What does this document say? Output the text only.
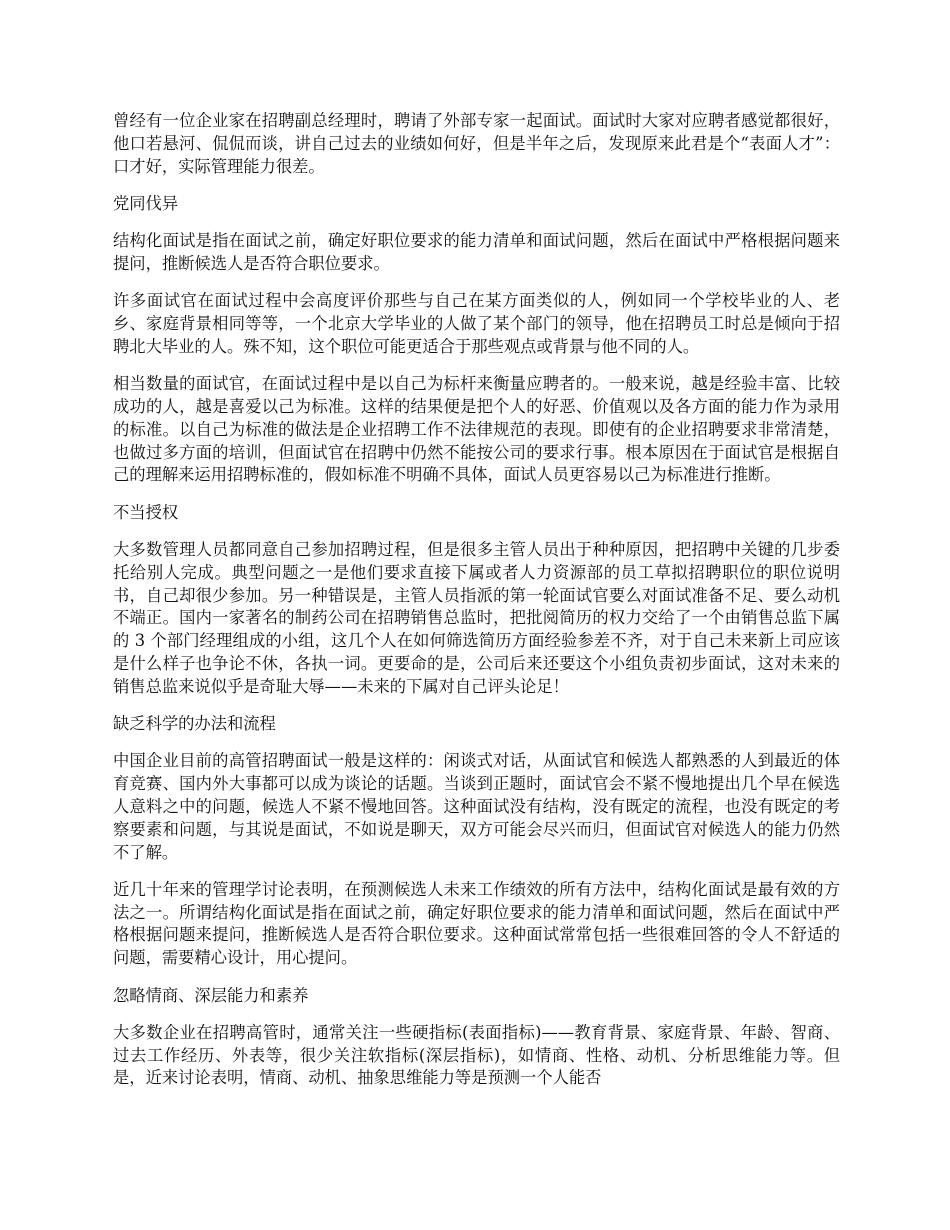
曾经有一位企业家在招聘副总经理时，聘请了外部专家一起面试。面试时大家对应聘者感觉都很好，他口若悬河、侃侃而谈，讲自己过去的业绩如何好，但是半年之后，发现原来此君是个“表面人才”：口才好，实际管理能力很差。

党同伐异

结构化面试是指在面试之前，确定好职位要求的能力清单和面试问题，然后在面试中严格根据问题来提问，推断候选人是否符合职位要求。

许多面试官在面试过程中会高度评价那些与自己在某方面类似的人，例如同一个学校毕业的人、老乡、家庭背景相同等等，一个北京大学毕业的人做了某个部门的领导，他在招聘员工时总是倾向于招聘北大毕业的人。殊不知，这个职位可能更适合于那些观点或背景与他不同的人。

相当数量的面试官，在面试过程中是以自己为标杆来衡量应聘者的。一般来说，越是经验丰富、比较成功的人，越是喜爱以己为标准。这样的结果便是把个人的好恶、价值观以及各方面的能力作为录用的标准。以自己为标准的做法是企业招聘工作不法律规范的表现。即使有的企业招聘要求非常清楚，也做过多方面的培训，但面试官在招聘中仍然不能按公司的要求行事。根本原因在于面试官是根据自己的理解来运用招聘标准的，假如标准不明确不具体，面试人员更容易以己为标准进行推断。

不当授权

大多数管理人员都同意自己参加招聘过程，但是很多主管人员出于种种原因，把招聘中关键的几步委托给别人完成。典型问题之一是他们要求直接下属或者人力资源部的员工草拟招聘职位的职位说明书，自己却很少参加。另一种错误是，主管人员指派的第一轮面试官要么对面试准备不足、要么动机不端正。国内一家著名的制药公司在招聘销售总监时，把批阅简历的权力交给了一个由销售总监下属的 3 个部门经理组成的小组，这几个人在如何筛选简历方面经验参差不齐，对于自己未来新上司应该是什么样子也争论不休，各执一词。更要命的是，公司后来还要这个小组负责初步面试，这对未来的销售总监来说似乎是奇耻大辱——未来的下属对自己评头论足！

缺乏科学的办法和流程

中国企业目前的高管招聘面试一般是这样的：闲谈式对话，从面试官和候选人都熟悉的人到最近的体育竞赛、国内外大事都可以成为谈论的话题。当谈到正题时，面试官会不紧不慢地提出几个早在候选人意料之中的问题，候选人不紧不慢地回答。这种面试没有结构，没有既定的流程，也没有既定的考察要素和问题，与其说是面试，不如说是聊天，双方可能会尽兴而归，但面试官对候选人的能力仍然不了解。

近几十年来的管理学讨论表明，在预测候选人未来工作绩效的所有方法中，结构化面试是最有效的方法之一。所谓结构化面试是指在面试之前，确定好职位要求的能力清单和面试问题，然后在面试中严格根据问题来提问，推断候选人是否符合职位要求。这种面试常常包括一些很难回答的令人不舒适的问题，需要精心设计，用心提问。

忽略情商、深层能力和素养

大多数企业在招聘高管时，通常关注一些硬指标(表面指标)——教育背景、家庭背景、年龄、智商、过去工作经历、外表等，很少关注软指标(深层指标)，如情商、性格、动机、分析思维能力等。但是，近来讨论表明，情商、动机、抽象思维能力等是预测一个人能否
